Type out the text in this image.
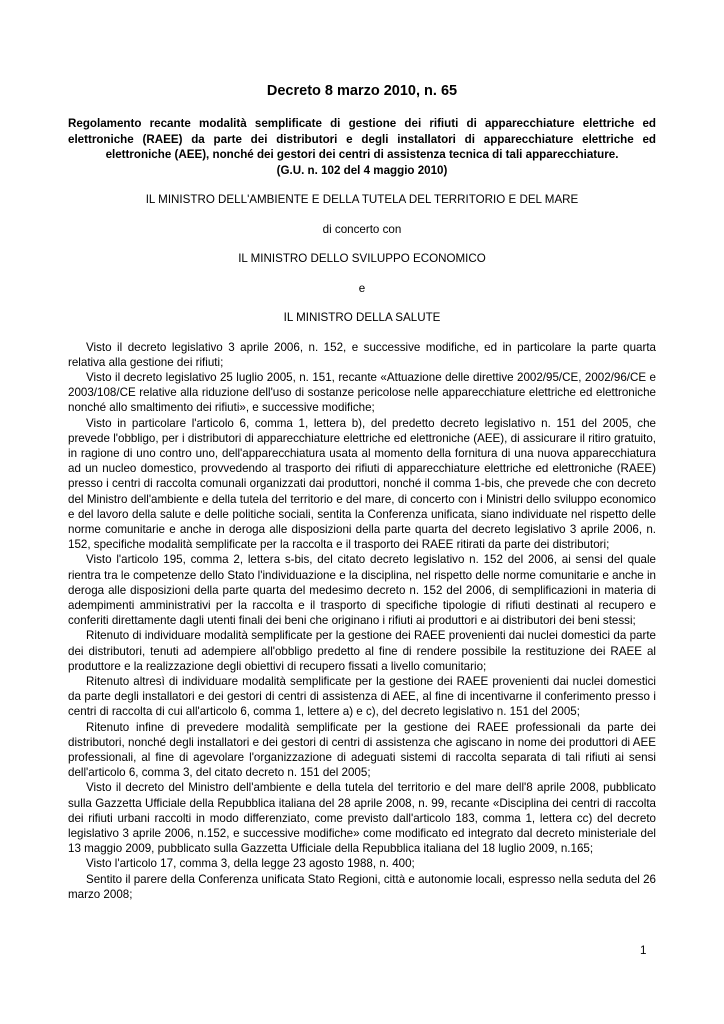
Decreto 8 marzo 2010, n. 65
Regolamento recante modalità semplificate di gestione dei rifiuti di apparecchiature elettriche ed elettroniche (RAEE) da parte dei distributori e degli installatori di apparecchiature elettriche ed elettroniche (AEE), nonché dei gestori dei centri di assistenza tecnica di tali apparecchiature.
(G.U. n. 102 del 4 maggio 2010)
IL MINISTRO DELL'AMBIENTE E DELLA TUTELA DEL TERRITORIO E DEL MARE
di concerto con
IL MINISTRO DELLO SVILUPPO ECONOMICO
e
IL MINISTRO DELLA SALUTE

Visto il decreto legislativo 3 aprile 2006, n. 152, e successive modifiche, ed in particolare la parte quarta relativa alla gestione dei rifiuti;

Visto il decreto legislativo 25 luglio 2005, n. 151, recante «Attuazione delle direttive 2002/95/CE, 2002/96/CE e 2003/108/CE relative alla riduzione dell'uso di sostanze pericolose nelle apparecchiature elettriche ed elettroniche nonché allo smaltimento dei rifiuti», e successive modifiche;

Visto in particolare l'articolo 6, comma 1, lettera b), del predetto decreto legislativo n. 151 del 2005, che prevede l'obbligo, per i distributori di apparecchiature elettriche ed elettroniche (AEE), di assicurare il ritiro gratuito, in ragione di uno contro uno, dell'apparecchiatura usata al momento della fornitura di una nuova apparecchiatura ad un nucleo domestico, provvedendo al trasporto dei rifiuti di apparecchiature elettriche ed elettroniche (RAEE) presso i centri di raccolta comunali organizzati dai produttori, nonché il comma 1-bis, che prevede che con decreto del Ministro dell'ambiente e della tutela del territorio e del mare, di concerto con i Ministri dello sviluppo economico e del lavoro della salute e delle politiche sociali, sentita la Conferenza unificata, siano individuate nel rispetto delle norme comunitarie e anche in deroga alle disposizioni della parte quarta del decreto legislativo 3 aprile 2006, n. 152, specifiche modalità semplificate per la raccolta e il trasporto dei RAEE ritirati da parte dei distributori;

Visto l'articolo 195, comma 2, lettera s-bis, del citato decreto legislativo n. 152 del 2006, ai sensi del quale rientra tra le competenze dello Stato l'individuazione e la disciplina, nel rispetto delle norme comunitarie e anche in deroga alle disposizioni della parte quarta del medesimo decreto n. 152 del 2006, di semplificazioni in materia di adempimenti amministrativi per la raccolta e il trasporto di specifiche tipologie di rifiuti destinati al recupero e conferiti direttamente dagli utenti finali dei beni che originano i rifiuti ai produttori e ai distributori dei beni stessi;

Ritenuto di individuare modalità semplificate per la gestione dei RAEE provenienti dai nuclei domestici da parte dei distributori, tenuti ad adempiere all'obbligo predetto al fine di rendere possibile la restituzione dei RAEE al produttore e la realizzazione degli obiettivi di recupero fissati a livello comunitario;

Ritenuto altresì di individuare modalità semplificate per la gestione dei RAEE provenienti dai nuclei domestici da parte degli installatori e dei gestori di centri di assistenza di AEE, al fine di incentivarne il conferimento presso i centri di raccolta di cui all'articolo 6, comma 1, lettere a) e c), del decreto legislativo n. 151 del 2005;

Ritenuto infine di prevedere modalità semplificate per la gestione dei RAEE professionali da parte dei distributori, nonché degli installatori e dei gestori di centri di assistenza che agiscano in nome dei produttori di AEE professionali, al fine di agevolare l'organizzazione di adeguati sistemi di raccolta separata di tali rifiuti ai sensi dell'articolo 6, comma 3, del citato decreto n. 151 del 2005;

Visto il decreto del Ministro dell'ambiente e della tutela del territorio e del mare dell'8 aprile 2008, pubblicato sulla Gazzetta Ufficiale della Repubblica italiana del 28 aprile 2008, n. 99, recante «Disciplina dei centri di raccolta dei rifiuti urbani raccolti in modo differenziato, come previsto dall'articolo 183, comma 1, lettera cc) del decreto legislativo 3 aprile 2006, n.152, e successive modifiche» come modificato ed integrato dal decreto ministeriale del 13 maggio 2009, pubblicato sulla Gazzetta Ufficiale della Repubblica italiana del 18 luglio 2009, n.165;

Visto l'articolo 17, comma 3, della legge 23 agosto 1988, n. 400;

Sentito il parere della Conferenza unificata Stato Regioni, città e autonomie locali, espresso nella seduta del 26 marzo 2008;

1
